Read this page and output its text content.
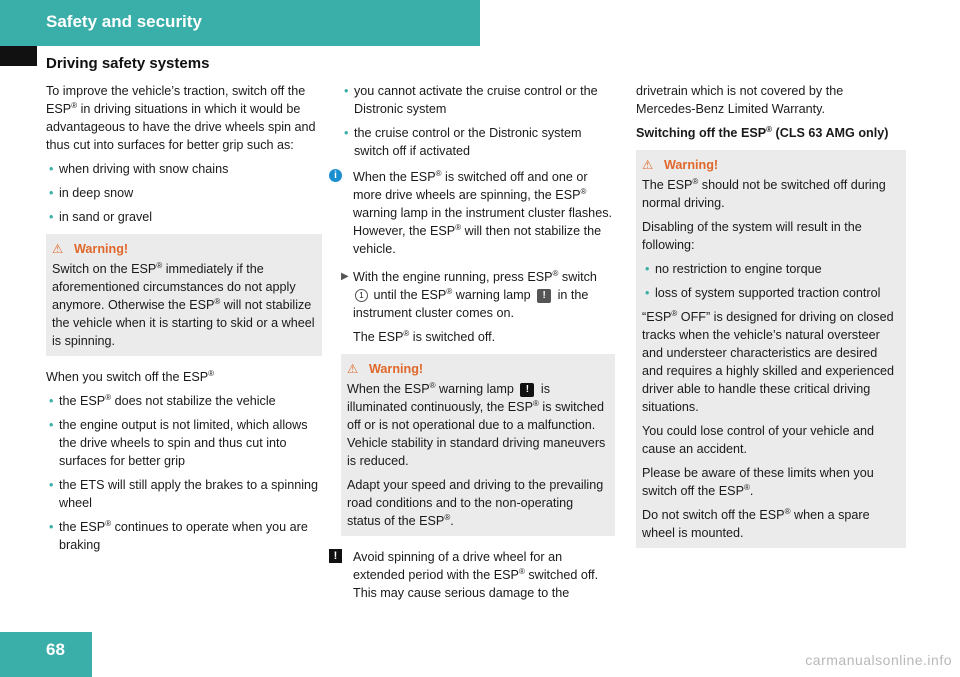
Safety and security
Driving safety systems

To improve the vehicle’s traction, switch off the ESP® in driving situations in which it would be advantageous to have the drive wheels spin and thus cut into surfaces for better grip such as:

• when driving with snow chains
• in deep snow
• in sand or gravel
⚠ Warning!
Switch on the ESP® immediately if the aforementioned circumstances do not apply anymore. Otherwise the ESP® will not stabilize the vehicle when it is starting to skid or a wheel is spinning.

When you switch off the ESP®

• the ESP® does not stabilize the vehicle
• the engine output is not limited, which allows the drive wheels to spin and thus cut into surfaces for better grip
• the ETS will still apply the brakes to a spinning wheel
• the ESP® continues to operate when you are braking
• you cannot activate the cruise control or the Distronic system
• the cruise control or the Distronic system switch off if activated
i	When the ESP® is switched off and one or more drive wheels are spinning, the ESP® warning lamp in the instrument cluster flashes. However, the ESP® will then not stabilize the vehicle.
▶ With the engine running, press ESP® switch 1 until the ESP® warning lamp ! in the instrument cluster comes on.

The ESP® is switched off.

⚠ Warning!

When the ESP® warning lamp ! is illuminated continuously, the ESP® is switched off or is not operational due to a malfunction. Vehicle stability in standard driving maneuvers is reduced.

Adapt your speed and driving to the prevailing road conditions and to the non-operating status of the ESP®.

!	Avoid spinning of a drive wheel for an extended period with the ESP® switched off. This may cause serious damage to the

drivetrain which is not covered by the Mercedes-Benz Limited Warranty.

Switching off the ESP® (CLS 63 AMG only)

⚠ Warning!

The ESP® should not be switched off during normal driving.

Disabling of the system will result in the following:

• no restriction to engine torque
• loss of system supported traction control

“ESP® OFF” is designed for driving on closed tracks when the vehicle’s natural oversteer and understeer characteristics are desired and requires a highly skilled and experienced driver able to handle these critical driving situations.

You could lose control of your vehicle and cause an accident.

Please be aware of these limits when you switch off the ESP®.

Do not switch off the ESP® when a spare wheel is mounted.

68
carmanualsonline.info
